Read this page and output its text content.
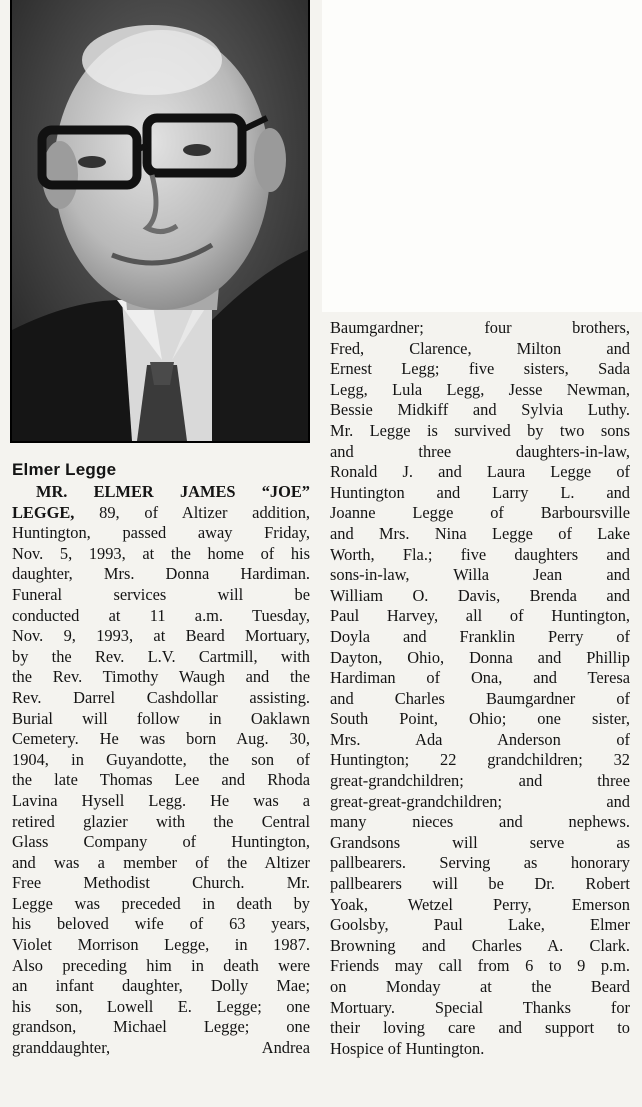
Elmer Legge
MR. ELMER JAMES “JOE”
LEGGE, 89, of Altizer addition,
Huntington, passed away Friday,
Nov. 5, 1993, at the home of his
daughter, Mrs. Donna Hardiman.
Funeral services will be
conducted at 11 a.m. Tuesday,
Nov. 9, 1993, at Beard Mortuary,
by the Rev. L.V. Cartmill, with
the Rev. Timothy Waugh and the
Rev. Darrel Cashdollar assisting.
Burial will follow in Oaklawn
Cemetery. He was born Aug. 30,
1904, in Guyandotte, the son of
the late Thomas Lee and Rhoda
Lavina Hysell Legg. He was a
retired glazier with the Central
Glass Company of Huntington,
and was a member of the Altizer
Free Methodist Church. Mr.
Legge was preceded in death by
his beloved wife of 63 years,
Violet Morrison Legge, in 1987.
Also preceding him in death were
an infant daughter, Dolly Mae;
his son, Lowell E. Legge; one
grandson, Michael Legge; one
granddaughter, Andrea
Baumgardner; four brothers,
Fred, Clarence, Milton and
Ernest Legg; five sisters, Sada
Legg, Lula Legg, Jesse Newman,
Bessie Midkiff and Sylvia Luthy.
Mr. Legge is survived by two sons
and three daughters-in-law,
Ronald J. and Laura Legge of
Huntington and Larry L. and
Joanne Legge of Barboursville
and Mrs. Nina Legge of Lake
Worth, Fla.; five daughters and
sons-in-law, Willa Jean and
William O. Davis, Brenda and
Paul Harvey, all of Huntington,
Doyla and Franklin Perry of
Dayton, Ohio, Donna and Phillip
Hardiman of Ona, and Teresa
and Charles Baumgardner of
South Point, Ohio; one sister,
Mrs. Ada Anderson of
Huntington; 22 grandchildren; 32
great-grandchildren; and three
great-great-grandchildren; and
many nieces and nephews.
Grandsons will serve as
pallbearers. Serving as honorary
pallbearers will be Dr. Robert
Yoak, Wetzel Perry, Emerson
Goolsby, Paul Lake, Elmer
Browning and Charles A. Clark.
Friends may call from 6 to 9 p.m.
on Monday at the Beard
Mortuary. Special Thanks for
their loving care and support to
Hospice of Huntington.
